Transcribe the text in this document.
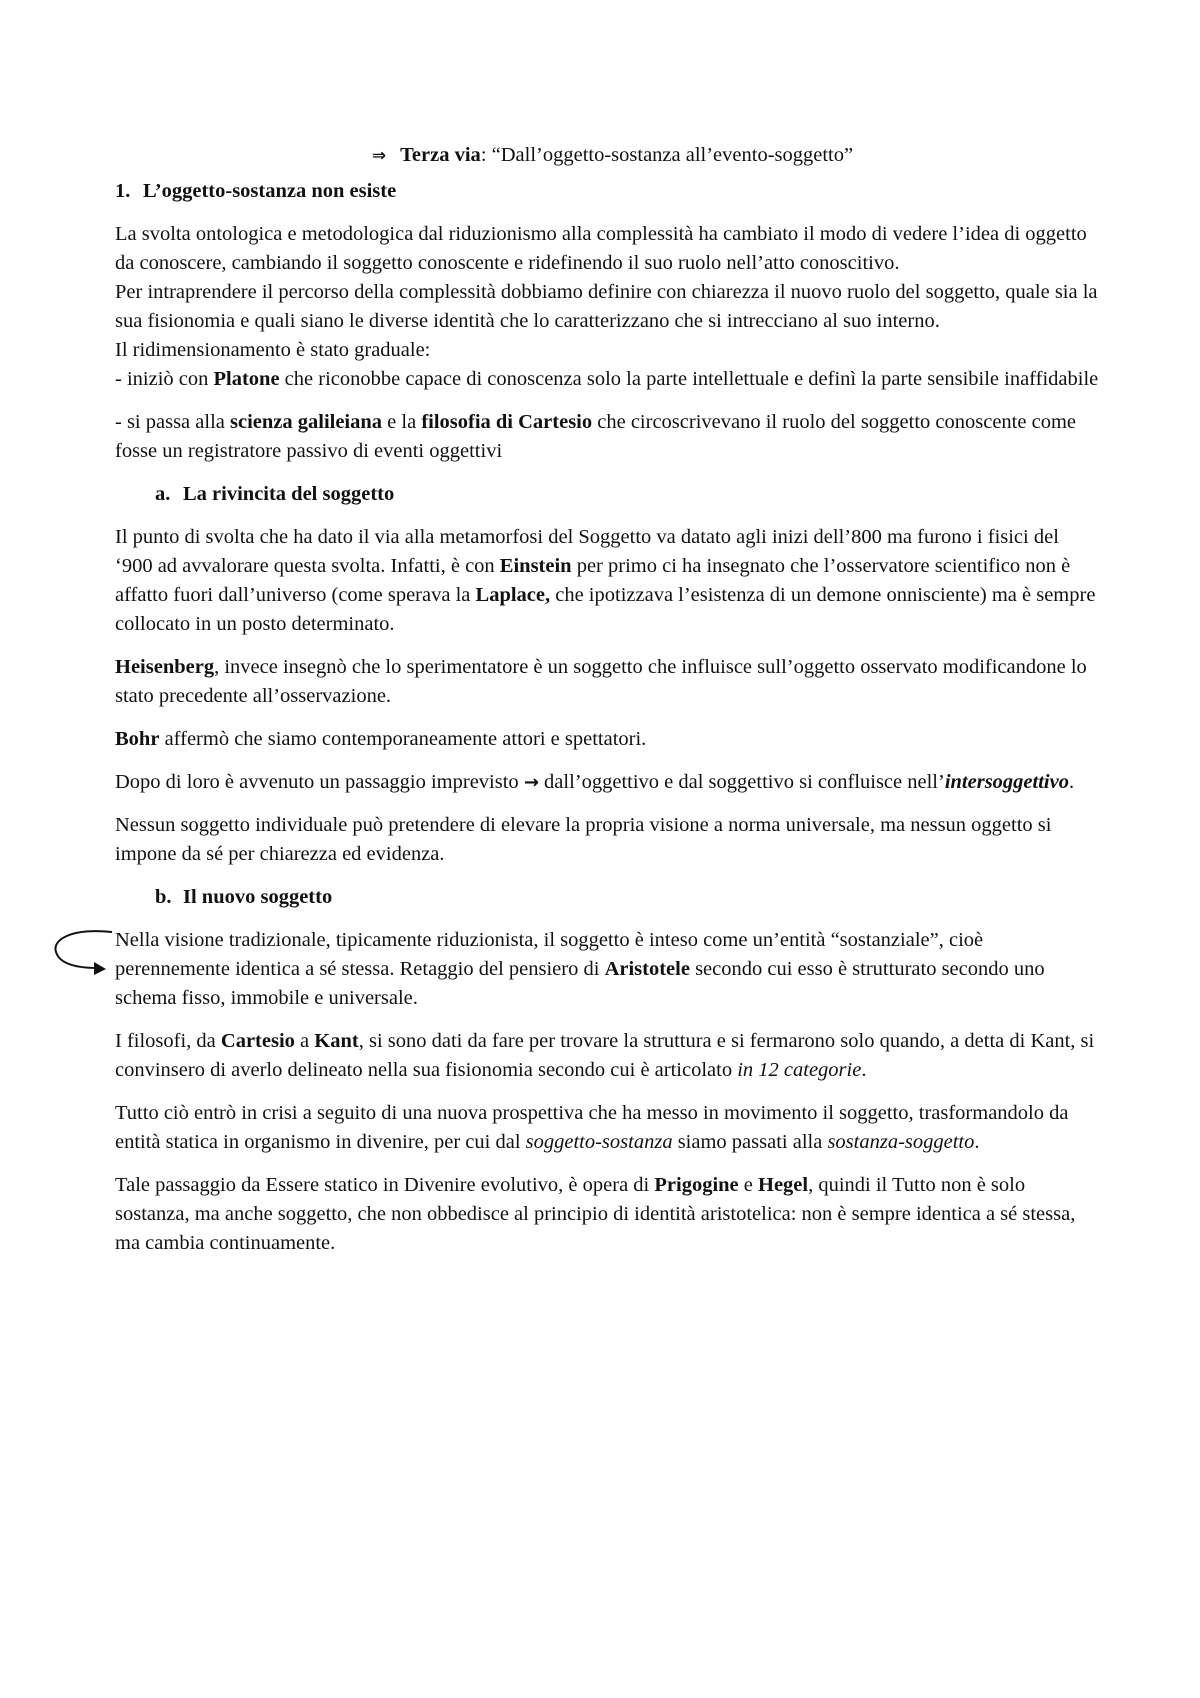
⇒ Terza via: “Dall’oggetto-sostanza all’evento-soggetto”

1. L’oggetto-sostanza non esiste

La svolta ontologica e metodologica dal riduzionismo alla complessità ha cambiato il modo di vedere l’idea di oggetto da conoscere, cambiando il soggetto conoscente e ridefinendo il suo ruolo nell’atto conoscitivo.

Per intraprendere il percorso della complessità dobbiamo definire con chiarezza il nuovo ruolo del soggetto, quale sia la sua fisionomia e quali siano le diverse identità che lo caratterizzano che si intrecciano al suo interno.

Il ridimensionamento è stato graduale:

- iniziò con Platone che riconobbe capace di conoscenza solo la parte intellettuale e definì la parte sensibile inaffidabile

- si passa alla scienza galileiana e la filosofia di Cartesio che circoscrivevano il ruolo del soggetto conoscente come fosse un registratore passivo di eventi oggettivi

a. La rivincita del soggetto

Il punto di svolta che ha dato il via alla metamorfosi del Soggetto va datato agli inizi dell’800 ma furono i fisici del ‘900 ad avvalorare questa svolta. Infatti, è con Einstein per primo ci ha insegnato che l’osservatore scientifico non è affatto fuori dall’universo (come sperava la Laplace, che ipotizzava l’esistenza di un demone onnisciente) ma è sempre collocato in un posto determinato.

Heisenberg, invece insegnò che lo sperimentatore è un soggetto che influisce sull’oggetto osservato modificandone lo stato precedente all’osservazione.

Bohr affermò che siamo contemporaneamente attori e spettatori.

Dopo di loro è avvenuto un passaggio imprevisto → dall’oggettivo e dal soggettivo si confluisce nell’intersoggettivo.

Nessun soggetto individuale può pretendere di elevare la propria visione a norma universale, ma nessun oggetto si impone da sé per chiarezza ed evidenza.

b. Il nuovo soggetto

Nella visione tradizionale, tipicamente riduzionista, il soggetto è inteso come un’entità “sostanziale”, cioè perennemente identica a sé stessa. Retaggio del pensiero di Aristotele secondo cui esso è strutturato secondo uno schema fisso, immobile e universale.

I filosofi, da Cartesio a Kant, si sono dati da fare per trovare la struttura e si fermarono solo quando, a detta di Kant, si convinsero di averlo delineato nella sua fisionomia secondo cui è articolato in 12 categorie.

Tutto ciò entrò in crisi a seguito di una nuova prospettiva che ha messo in movimento il soggetto, trasformandolo da entità statica in organismo in divenire, per cui dal soggetto-sostanza siamo passati alla sostanza-soggetto.

Tale passaggio da Essere statico in Divenire evolutivo, è opera di Prigogine e Hegel, quindi il Tutto non è solo sostanza, ma anche soggetto, che non obbedisce al principio di identità aristotelica: non è sempre identica a sé stessa, ma cambia continuamente.
